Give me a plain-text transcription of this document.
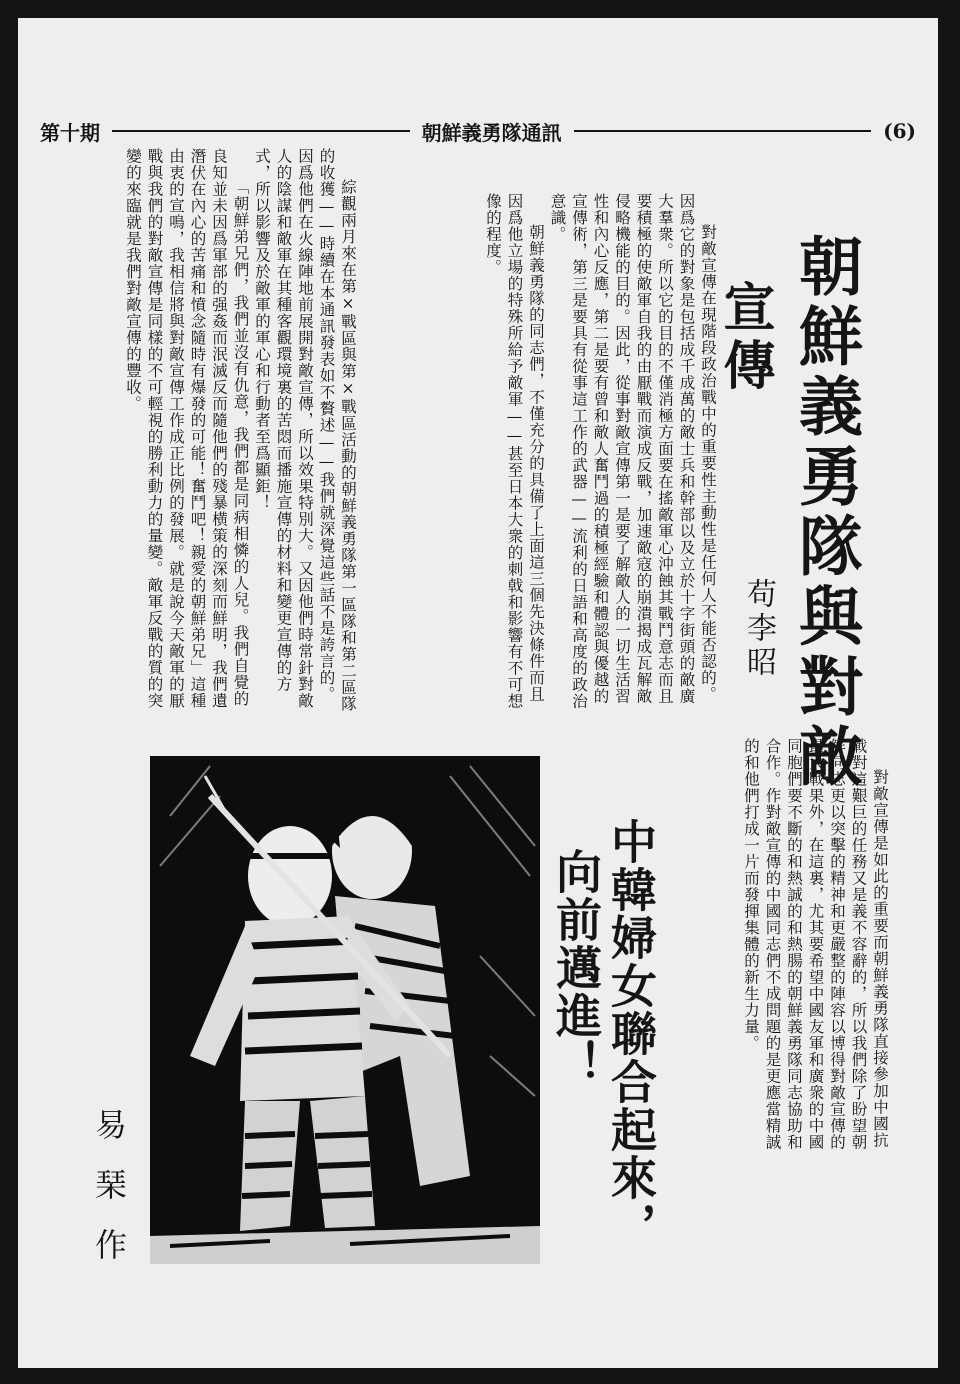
第十期	朝鮮義勇隊通訊	(6)
朝鮮義勇隊與對敵
宣傳
苟李昭

對敵宣傳在現階段政治戰中的重要性主動性是任何人不能否認的。因爲它的對象是包括成千成萬的敵士兵和幹部以及立於十字街頭的敵廣大羣衆。所以它的目的不僅消極方面要在搖敵軍心沖蝕其戰鬥意志而且要積極的使敵軍自我的由厭戰而演成反戰，加速敵寇的崩潰揭成瓦解敵侵略機能的目的。因此，從事對敵宣傳第一是要了解敵人的一切生活習性和內心反應，第二是要有曾和敵人奮鬥過的積極經驗和體認與優越的宣傳術，第三是要具有從事這工作的武器——流利的日語和高度的政治意識。

朝鮮義勇隊的同志們，不僅充分的具備了上面這三個先決條件而且因爲他立場的特殊所給予敵軍——甚至日本大衆的刺戟和影響有不可想像的程度。

綜觀兩月來在第×戰區與第×戰區活動的朝鮮義勇隊第一區隊和第二區隊的收獲——時續在本通訊發表如不贅述——我們就深覺這些話不是誇言的。因爲他們在火線陣地前展開對敵宣傳，所以效果特別大。又因他們時常針對敵人的陰謀和敵軍在其種客觀環境裏的苦悶而播施宣傳的材料和變更宣傳的方式，所以影響及於敵軍的軍心和行動者至爲顯鉅！

「朝鮮弟兄們，我們並沒有仇意，我們都是同病相憐的人兒。我們自覺的良知並未因爲軍部的强姦而泯滅反而隨他們的殘暴横策的深刻而鮮明，我們遺潛伏在內心的苦痛和憤念隨時有爆發的可能！奮鬥吧！親愛的朝鮮弟兄」這種由衷的宣鳴，我相信將與對敵宣傳工作成正比例的發展。就是說今天敵軍的厭戰與我們的對敵宣傳是同樣的不可輕視的勝利動力的量變。敵軍反戰的質的突變的來臨就是我們對敵宣傳的豐收。

對敵宣傳是如此的重要而朝鮮義勇隊直接參加中國抗戰對這艱巨的任務又是義不容辭的，所以我們除了盼望朝鮮同志更以突擊的精神和更嚴整的陣容以博得對敵宣傳的最大戰果外，在這裏，尤其要希望中國友軍和廣衆的中國同胞們要不斷的和熱誠的和熱腸的朝鮮義勇隊同志協助和合作。作對敵宣傳的中國同志們不成問題的是更應當精誠的和他們打成一片而發揮集體的新生力量。

中韓婦女聯合起來，
向前邁進！
易琹作
